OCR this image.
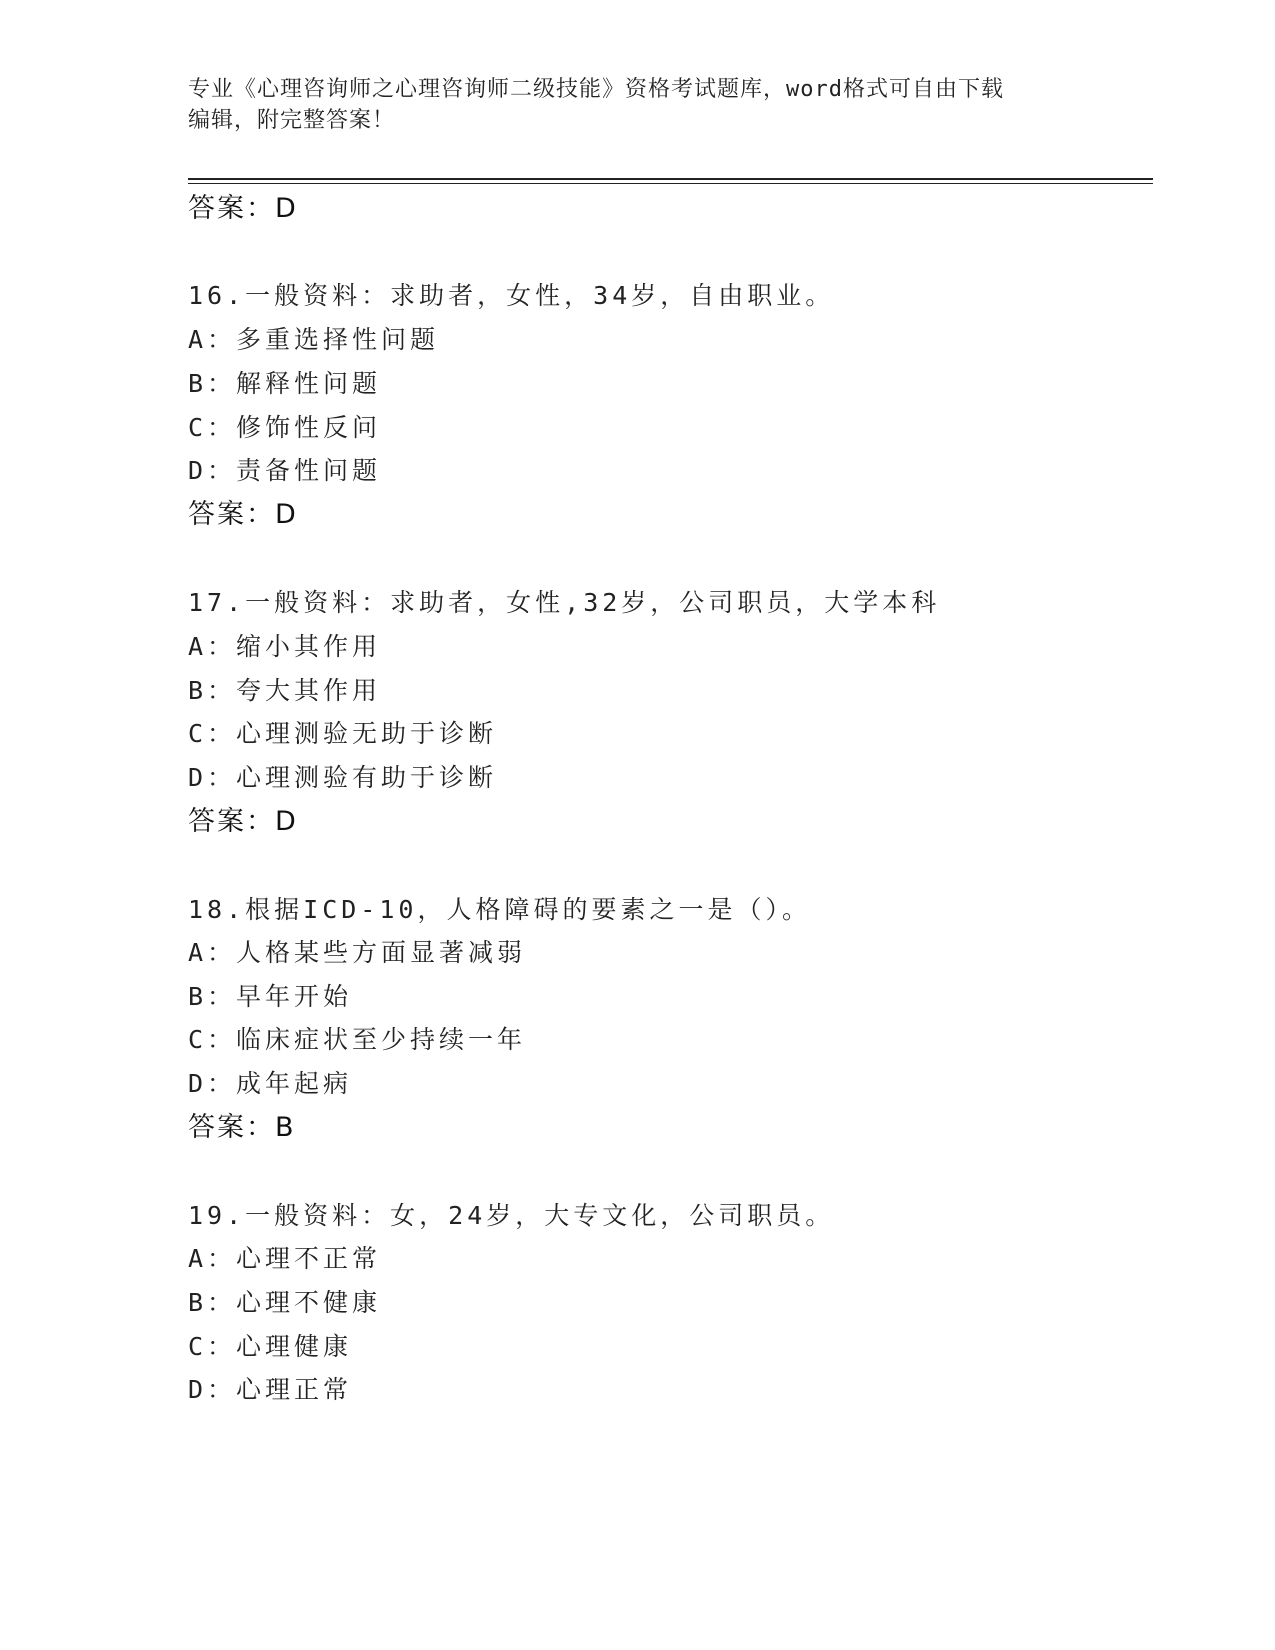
专业《心理咨询师之心理咨询师二级技能》资格考试题库，word格式可自由下载
编辑，附完整答案！
答案：D
16.一般资料：求助者，女性，34岁，自由职业。
A：多重选择性问题
B：解释性问题
C：修饰性反问
D：责备性问题
答案：D
17.一般资料：求助者，女性,32岁，公司职员，大学本科
A：缩小其作用
B：夸大其作用
C：心理测验无助于诊断
D：心理测验有助于诊断
答案：D
18.根据ICD-10，人格障碍的要素之一是（）。
A：人格某些方面显著减弱
B：早年开始
C：临床症状至少持续一年
D：成年起病
答案：B
19.一般资料：女，24岁，大专文化，公司职员。
A：心理不正常
B：心理不健康
C：心理健康
D：心理正常
